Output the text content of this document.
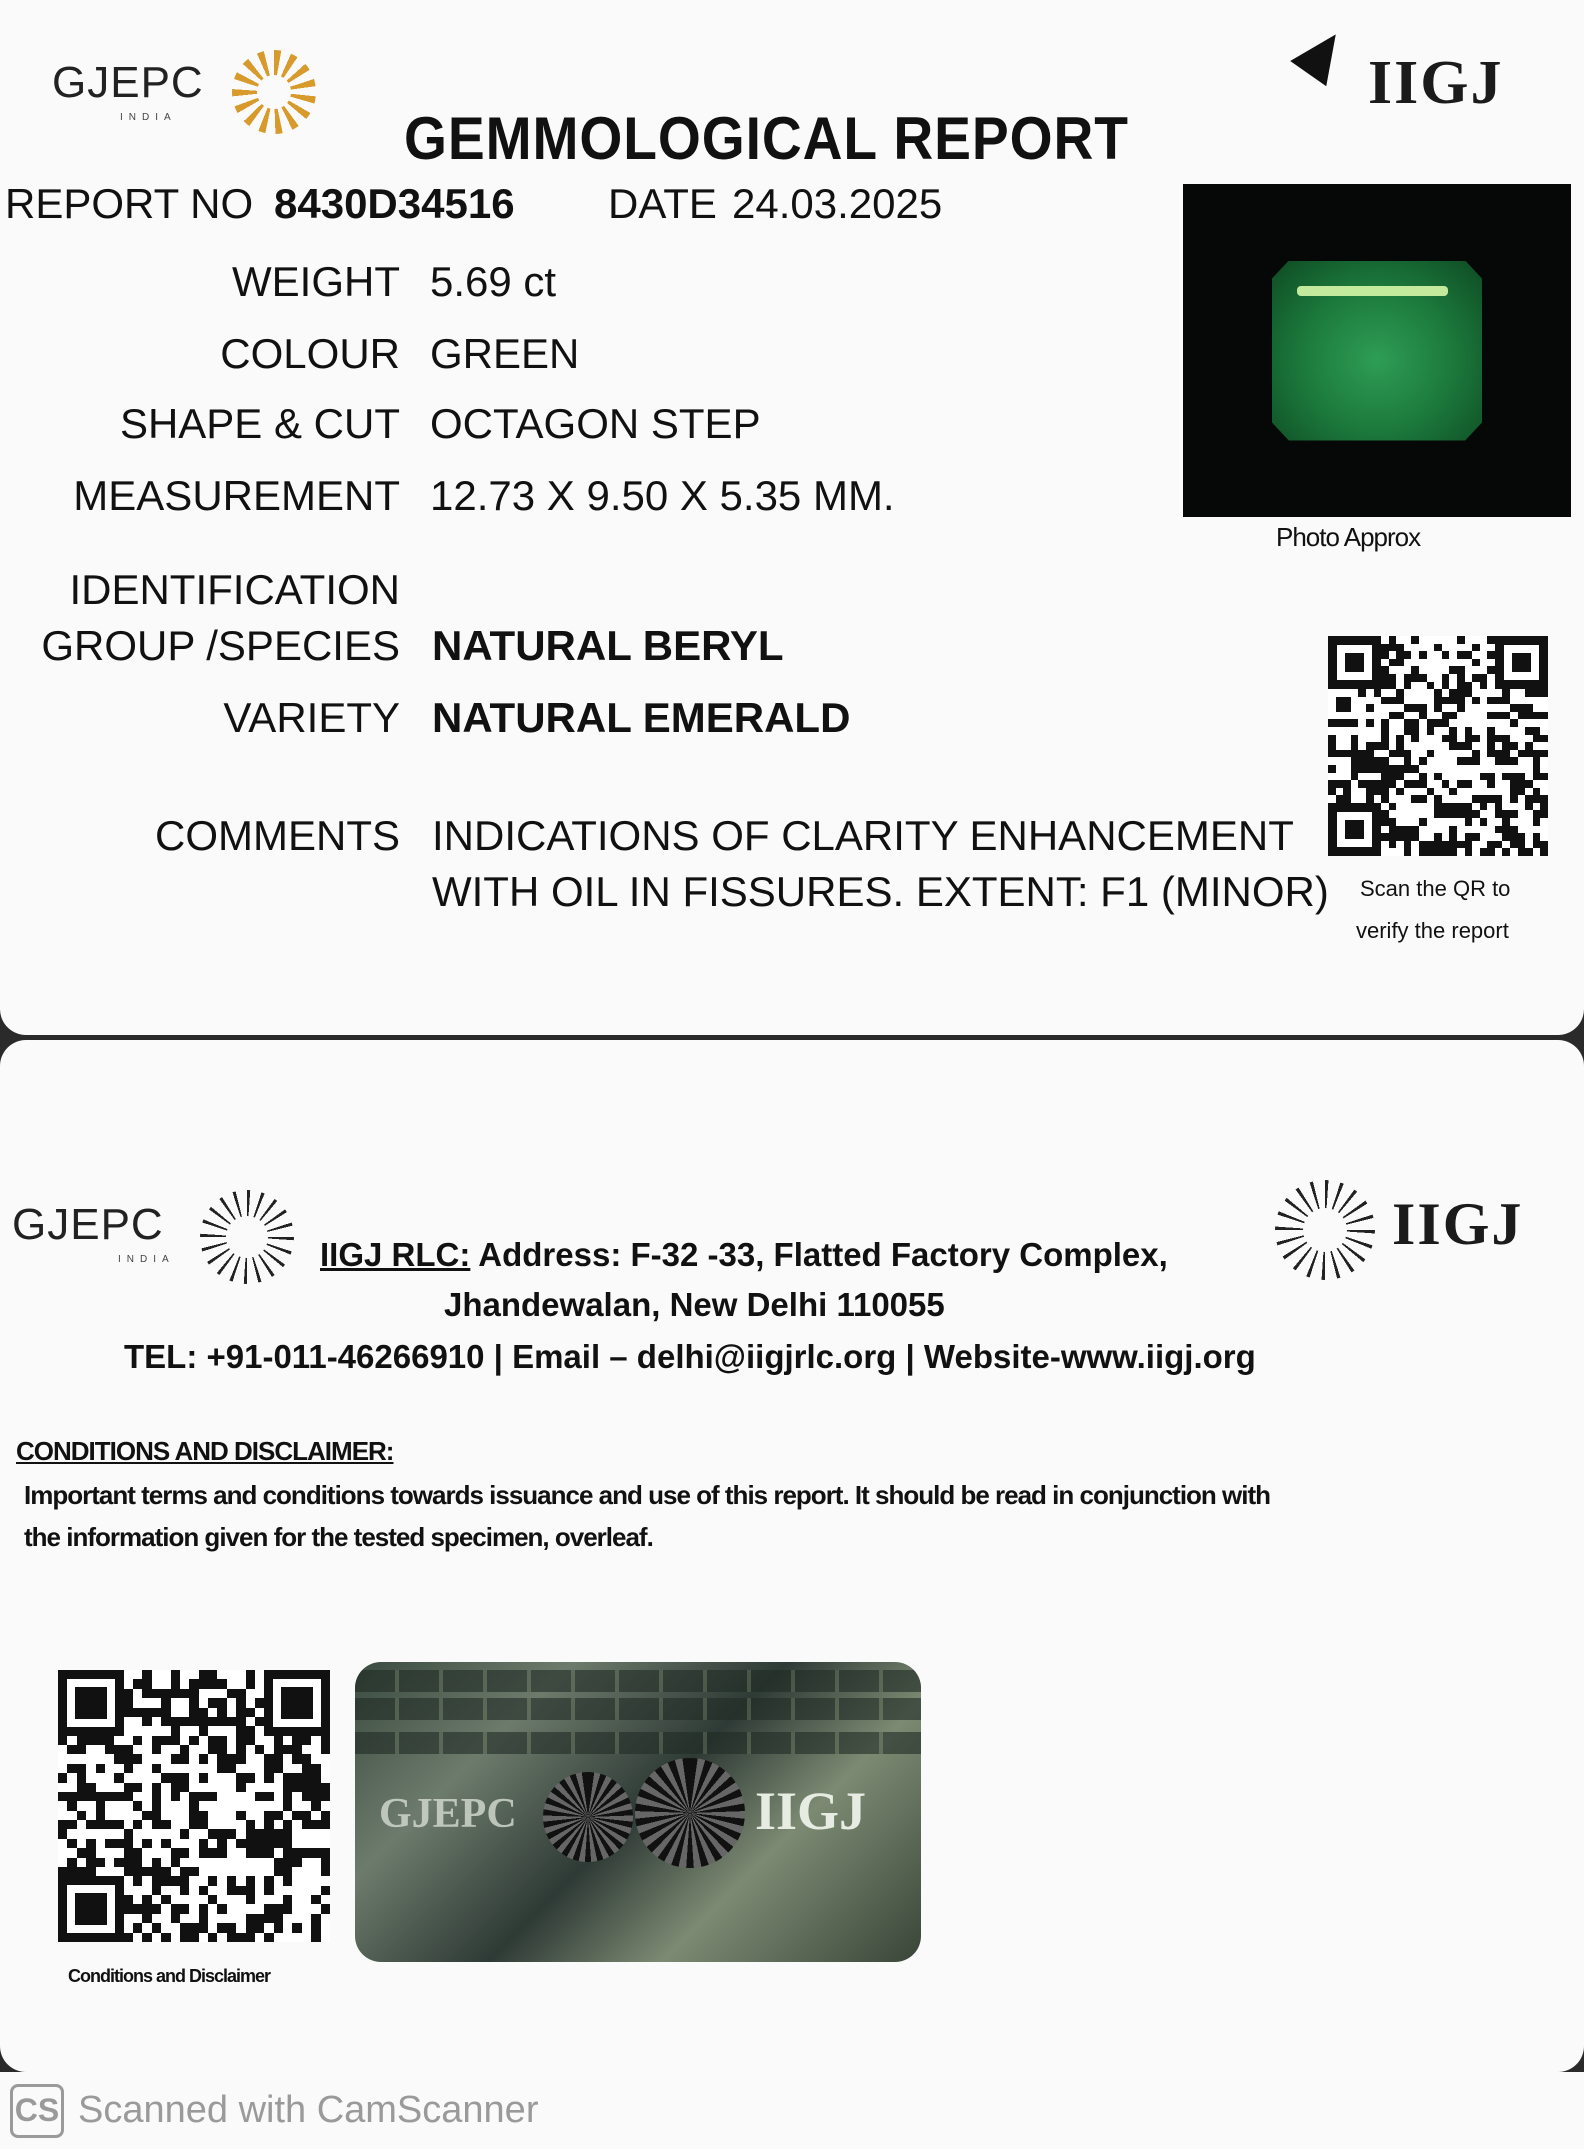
GJEPC
INDIA
IIGJ
GEMMOLOGICAL REPORT
REPORT NO 8430D34516 DATE 24.03.2025
WEIGHT 5.69 ct
COLOUR GREEN
SHAPE & CUT OCTAGON STEP
MEASUREMENT 12.73 X 9.50 X 5.35 MM.
IDENTIFICATION
GROUP /SPECIES NATURAL BERYL
VARIETY NATURAL EMERALD
COMMENTS INDICATIONS OF CLARITY ENHANCEMENT
WITH OIL IN FISSURES. EXTENT: F1 (MINOR)
Photo Approx
Scan the QR to
verify the report
GJEPC
INDIA
IIGJ
IIGJ RLC: Address: F-32 -33, Flatted Factory Complex,
Jhandewalan, New Delhi 110055
TEL: +91-011-46266910 | Email – delhi@iigjrlc.org | Website-www.iigj.org
CONDITIONS AND DISCLAIMER:
Important terms and conditions towards issuance and use of this report. It should be read in conjunction with
the information given for the tested specimen, overleaf.
Conditions and Disclaimer
GJEPC	IIGJ
CS Scanned with CamScanner
